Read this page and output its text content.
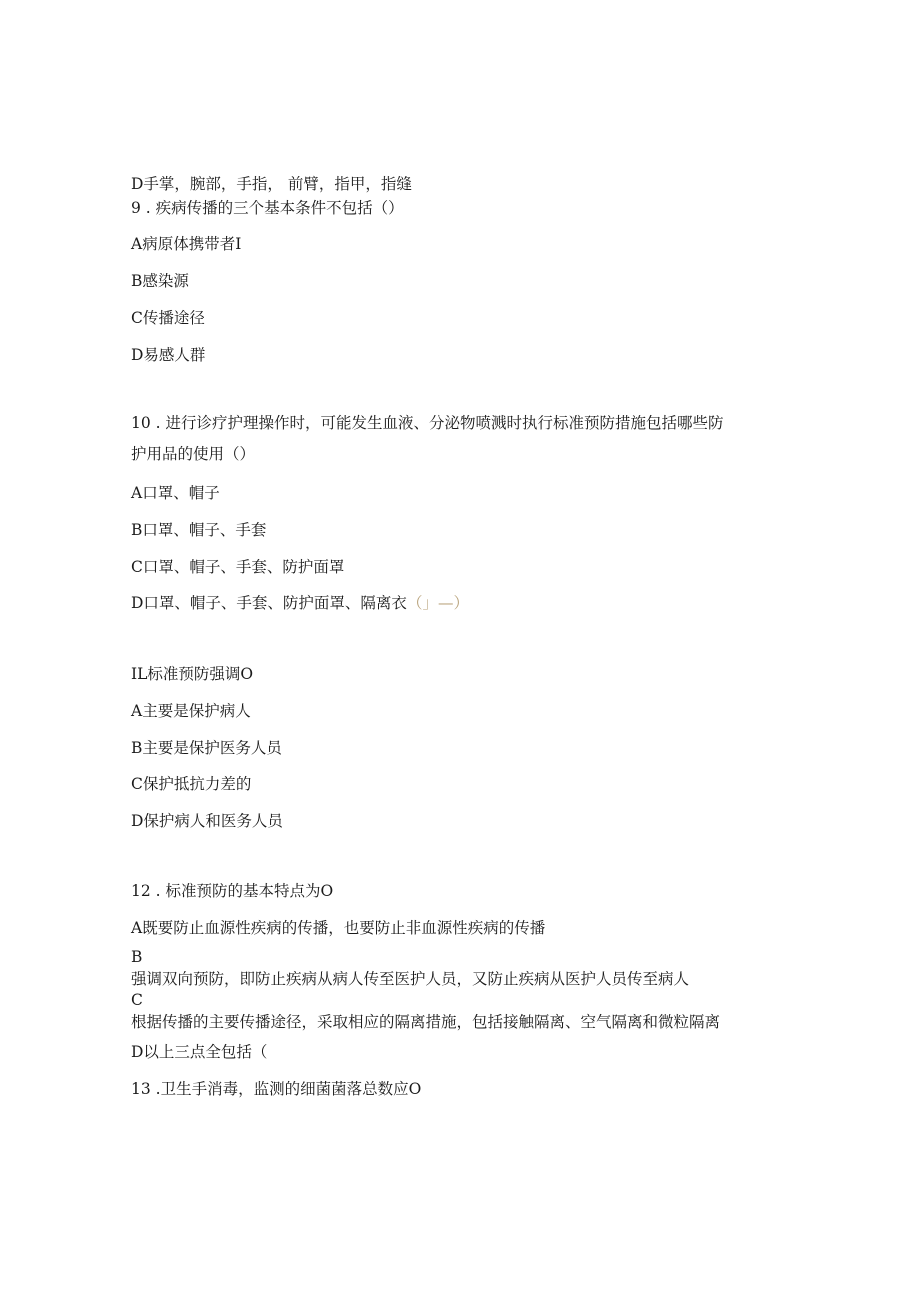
D手掌，腕部，手指， 前臂，指甲，指缝
9 . 疾病传播的三个基本条件不包括（）
A病原体携带者I
B感染源
C传播途径
D易感人群
10 . 进行诊疗护理操作时，可能发生血液、分泌物喷溅时执行标准预防措施包括哪些防
护用品的使用（）
A口罩、帽子
B口罩、帽子、手套
C口罩、帽子、手套、防护面罩
D口罩、帽子、手套、防护面罩、隔离衣（」—）
IL标准预防强调O
A主要是保护病人
B主要是保护医务人员
C保护抵抗力差的
D保护病人和医务人员
12 . 标准预防的基本特点为O
A既要防止血源性疾病的传播，也要防止非血源性疾病的传播
B
强调双向预防，即防止疾病从病人传至医护人员，又防止疾病从医护人员传至病人
C
根据传播的主要传播途径，采取相应的隔离措施，包括接触隔离、空气隔离和微粒隔离
D以上三点全包括（
13 .卫生手消毒，监测的细菌菌落总数应O
